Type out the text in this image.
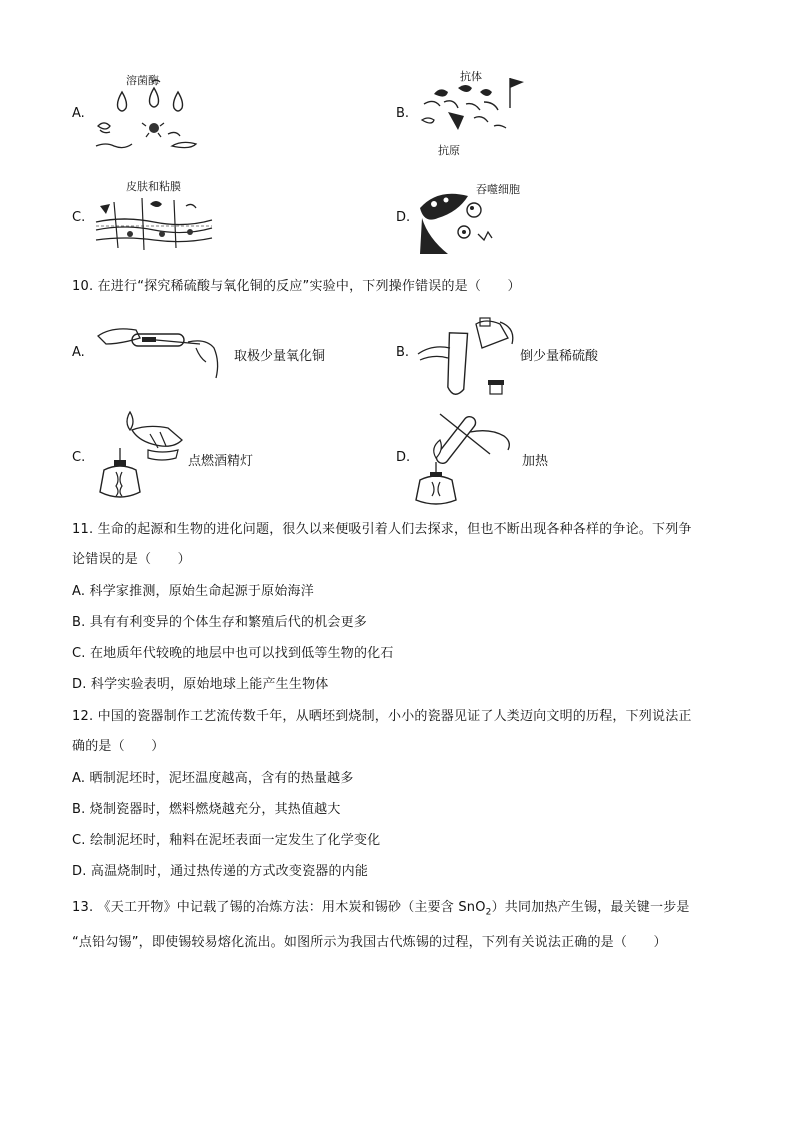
A.
溶菌酶
B.
抗体
抗原
C.
皮肤和粘膜
D.
吞噬细胞
10. 在进行“探究稀硫酸与氧化铜的反应”实验中，下列操作错误的是（　　）
A.	取极少量氧化铜	B.	倒少量稀硫酸
C.	点燃酒精灯	D.	加热
11. 生命的起源和生物的进化问题，很久以来便吸引着人们去探求，但也不断出现各种各样的争论。下列争
论错误的是（　　）
A. 科学家推测，原始生命起源于原始海洋
B. 具有有利变异的个体生存和繁殖后代的机会更多
C. 在地质年代较晚的地层中也可以找到低等生物的化石
D. 科学实验表明，原始地球上能产生生物体
12. 中国的瓷器制作工艺流传数千年，从晒坯到烧制，小小的瓷器见证了人类迈向文明的历程，下列说法正
确的是（　　）
A. 晒制泥坯时，泥坯温度越高，含有的热量越多
B. 烧制瓷器时，燃料燃烧越充分，其热值越大
C. 绘制泥坯时，釉料在泥坯表面一定发生了化学变化
D. 高温烧制时，通过热传递的方式改变瓷器的内能
13. 《天工开物》中记载了锡的冶炼方法：用木炭和锡砂（主要含 SnO$_2$）共同加热产生锡，最关键一步是
“点铅勾锡”，即使锡较易熔化流出。如图所示为我国古代炼锡的过程，下列有关说法正确的是（　　）
